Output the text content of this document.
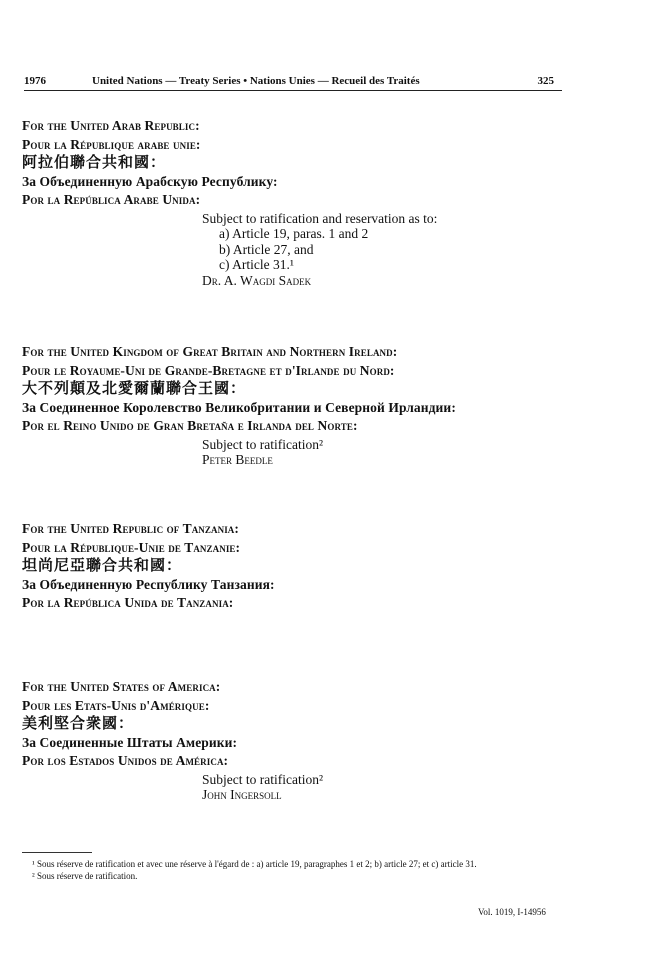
1976	United Nations — Treaty Series • Nations Unies — Recueil des Traités	325
For the United Arab Republic:
Pour la République arabe unie:
阿拉伯聯合共和國：
За Объединенную Арабскую Республику:
Por la República Arabe Unida:
Subject to ratification and reservation as to:
a) Article 19, paras. 1 and 2
b) Article 27, and
c) Article 31.¹
Dr. A. Wagdi Sadek
For the United Kingdom of Great Britain and Northern Ireland:
Pour le Royaume-Uni de Grande-Bretagne et d'Irlande du Nord:
大不列顛及北愛爾蘭聯合王國：
За Соединенное Королевство Великобритании и Северной Ирландии:
Por el Reino Unido de Gran Bretaña e Irlanda del Norte:
Subject to ratification²
Peter Beedle
For the United Republic of Tanzania:
Pour la République-Unie de Tanzanie:
坦尚尼亞聯合共和國：
За Объединенную Республику Танзания:
Por la República Unida de Tanzania:
For the United States of America:
Pour les Etats-Unis d'Amérique:
美利堅合衆國：
За Соединенные Штаты Америки:
Por los Estados Unidos de América:
Subject to ratification²
John Ingersoll
¹ Sous réserve de ratification et avec une réserve à l'égard de : a) article 19, paragraphes 1 et 2; b) article 27; et c) article 31.
² Sous réserve de ratification.
Vol. 1019, I-14956
